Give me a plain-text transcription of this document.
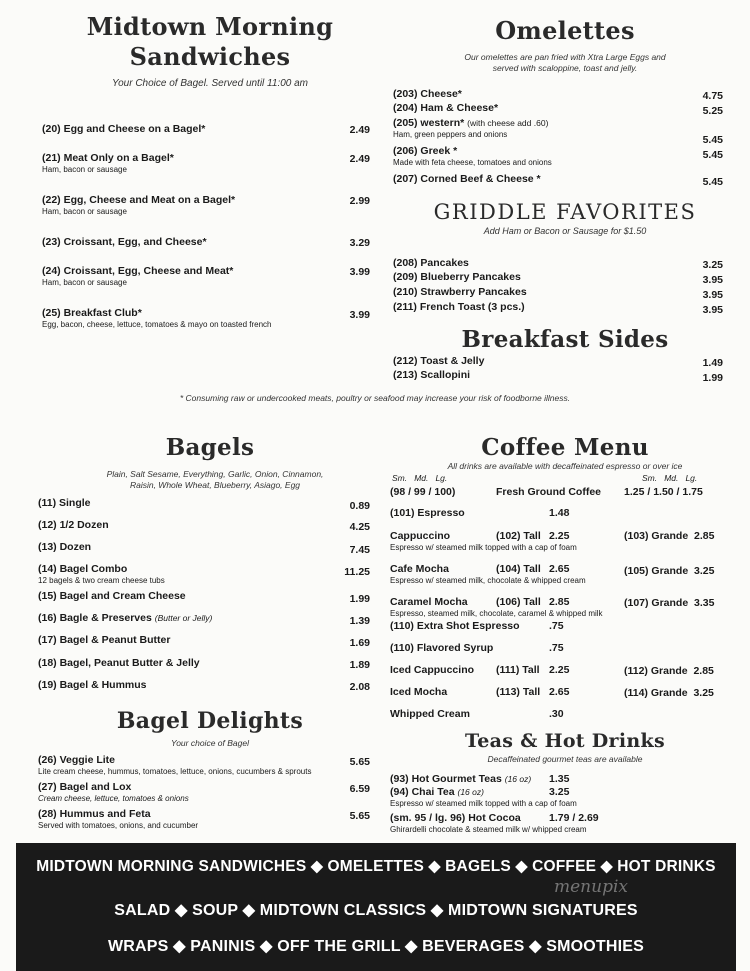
Midtown Morning
Sandwiches
Your Choice of Bagel. Served until 11:00 am
(20) Egg and Cheese on a Bagel*	2.49
(21) Meat Only on a Bagel*
Ham, bacon or sausage
2.49
(22) Egg, Cheese and Meat on a Bagel*
Ham, bacon or sausage
2.99
(23) Croissant, Egg, and Cheese*	3.29
(24) Croissant, Egg, Cheese and Meat*
Ham, bacon or sausage
3.99
(25) Breakfast Club*
Egg, bacon, cheese, lettuce, tomatoes & mayo on toasted french
3.99
Omelettes
Our omelettes are pan fried with Xtra Large Eggs and
served with scaloppine, toast and jelly.
(203) Cheese*	4.75
(204) Ham & Cheese*	5.25
(205) western* (with cheese add .60)
Ham, green peppers and onions	5.45
(206) Greek *
Made with feta cheese, tomatoes and onions
5.45
(207) Corned Beef & Cheese *	5.45
GRIDDLE FAVORITES
Add Ham or Bacon or Sausage for $1.50
(208) Pancakes	3.25
(209) Blueberry Pancakes	3.95
(210) Strawberry Pancakes	3.95
(211) French Toast (3 pcs.)	3.95
Breakfast Sides
(212) Toast & Jelly	1.49
(213) Scallopini	1.99
* Consuming raw or undercooked meats, poultry or seafood may increase your risk of foodborne illness.
Bagels
Plain, Salt Sesame, Everything, Garlic, Onion, Cinnamon,
Raisin, Whole Wheat, Blueberry, Asiago, Egg
(11) Single	0.89
(12) 1/2 Dozen	4.25
(13) Dozen	7.45
(14) Bagel Combo
12 bagels & two cream cheese tubs
11.25
(15) Bagel and Cream Cheese	1.99
(16) Bagle & Preserves (Butter or Jelly)	1.39
(17) Bagel & Peanut Butter	1.69
(18) Bagel, Peanut Butter & Jelly	1.89
(19) Bagel & Hummus	2.08
Bagel Delights
Your choice of Bagel
(26) Veggie Lite
Lite cream cheese, hummus, tomatoes, lettuce, onions, cucumbers & sprouts
5.65
(27) Bagel and Lox
Cream cheese, lettuce, tomatoes & onions
6.59
(28) Hummus and Feta
Served with tomatoes, onions, and cucumber
5.65
Coffee Menu
All drinks are available with decaffeinated espresso or over ice
Sm.   Md.   Lg.	Sm.   Md.   Lg.
(98 / 99 / 100)	Fresh Ground Coffee 1.25 / 1.50 / 1.75
(101) Espresso	1.48
Cappuccino
Espresso w/ steamed milk topped with a cap of foam
(102) Tall 2.25	(103) Grande  2.85
Cafe Mocha
Espresso w/ steamed milk, chocolate & whipped cream
(104) Tall 2.65	(105) Grande  3.25
Caramel Mocha
Espresso, steamed milk, chocolate, caramel & whipped milk
(106) Tall 2.85	(107) Grande  3.35
(110) Extra Shot Espresso	.75
(110) Flavored Syrup	.75
Iced Cappuccino (111) Tall 2.25	(112) Grande  2.85
Iced Mocha	(113) Tall 2.65	(114) Grande  3.25
Whipped Cream	.30
Teas & Hot Drinks
Decaffeinated gourmet teas are available
(93) Hot Gourmet Teas (16 oz) 1.35
(94) Chai Tea (16 oz)
Espresso w/ steamed milk topped with a cap of foam
3.25
(sm. 95 / lg. 96) Hot Cocoa
Ghirardelli chocolate & steamed milk w/ whipped cream
1.79 / 2.69
MIDTOWN MORNING SANDWICHES ◆ OMELETTES ◆ BAGELS ◆ COFFEE ◆ HOT DRINKS
SALAD ◆ SOUP ◆ MIDTOWN CLASSICS ◆ MIDTOWN SIGNATURES
WRAPS ◆ PANINIS ◆ OFF THE GRILL ◆ BEVERAGES ◆ SMOOTHIES
menupix
